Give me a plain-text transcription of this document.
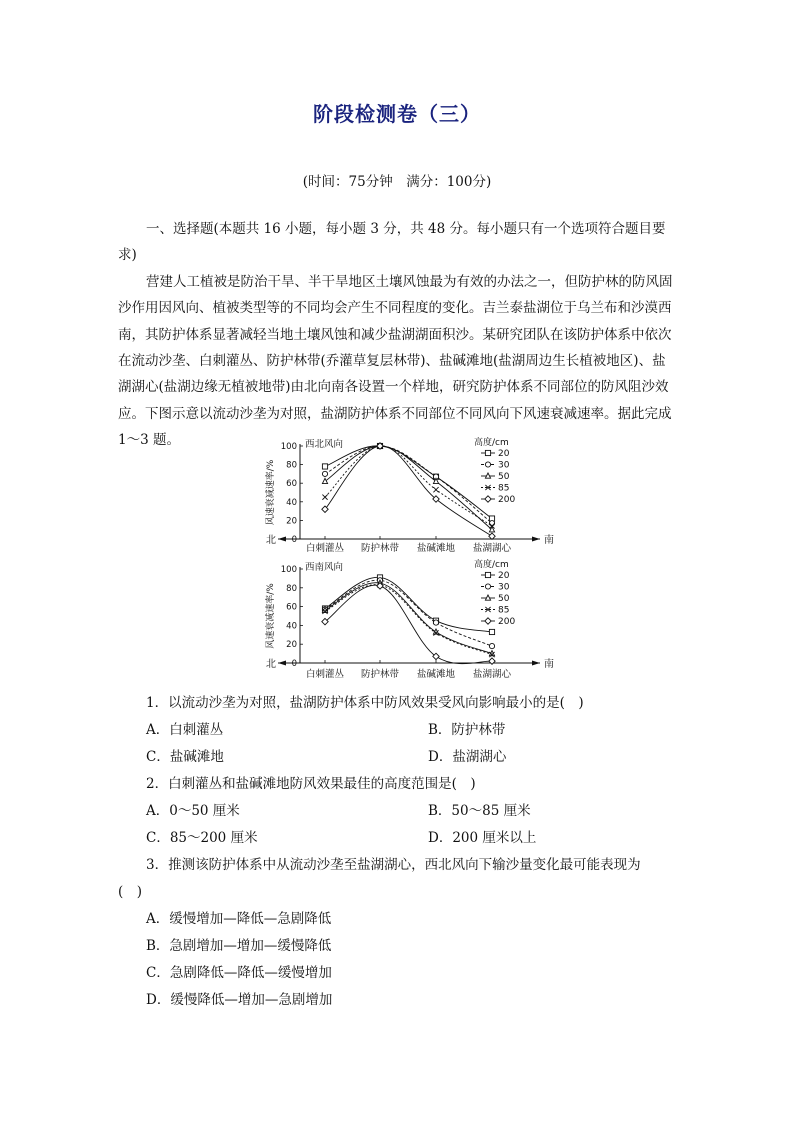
阶段检测卷（三）
(时间：75分钟　满分：100分)
一、选择题(本题共 16 小题，每小题 3 分，共 48 分。每小题只有一个选项符合题目要求)
营建人工植被是防治干旱、半干旱地区土壤风蚀最为有效的办法之一，但防护林的防风固沙作用因风向、植被类型等的不同均会产生不同程度的变化。吉兰泰盐湖位于乌兰布和沙漠西南，其防护体系显著减轻当地土壤风蚀和减少盐湖湖面积沙。某研究团队在该防护体系中依次在流动沙垄、白刺灌丛、防护林带(乔灌草复层林带)、盐碱滩地(盐湖周边生长植被地区)、盐湖湖心(盐湖边缘无植被地带)由北向南各设置一个样地，研究防护体系不同部位的防风阻沙效应。下图示意以流动沙垄为对照，盐湖防护体系不同部位不同风向下风速衰减速率。据此完成 1～3 题。
北	南
0
20
40
60
80
100
风速衰减速率/%
西北风向
白刺灌丛 防护林带 盐碱滩地 盐湖湖心
高度/cm
20
30
50
85
200
北	南
0
20
40
60
80
100
风速衰减速率/%
西南风向
白刺灌丛 防护林带 盐碱滩地 盐湖湖心
高度/cm
20
30
50
85
200
1．以流动沙垄为对照，盐湖防护体系中防风效果受风向影响最小的是(　)
A．白刺灌丛	B．防护林带
C．盐碱滩地	D．盐湖湖心
2．白刺灌丛和盐碱滩地防风效果最佳的高度范围是(　)
A．0～50 厘米	B．50～85 厘米
C．85～200 厘米	D．200 厘米以上
3．推测该防护体系中从流动沙垄至盐湖湖心，西北风向下输沙量变化最可能表现为
(　)
A．缓慢增加—降低—急剧降低
B．急剧增加—增加—缓慢降低
C．急剧降低—降低—缓慢增加
D．缓慢降低—增加—急剧增加
